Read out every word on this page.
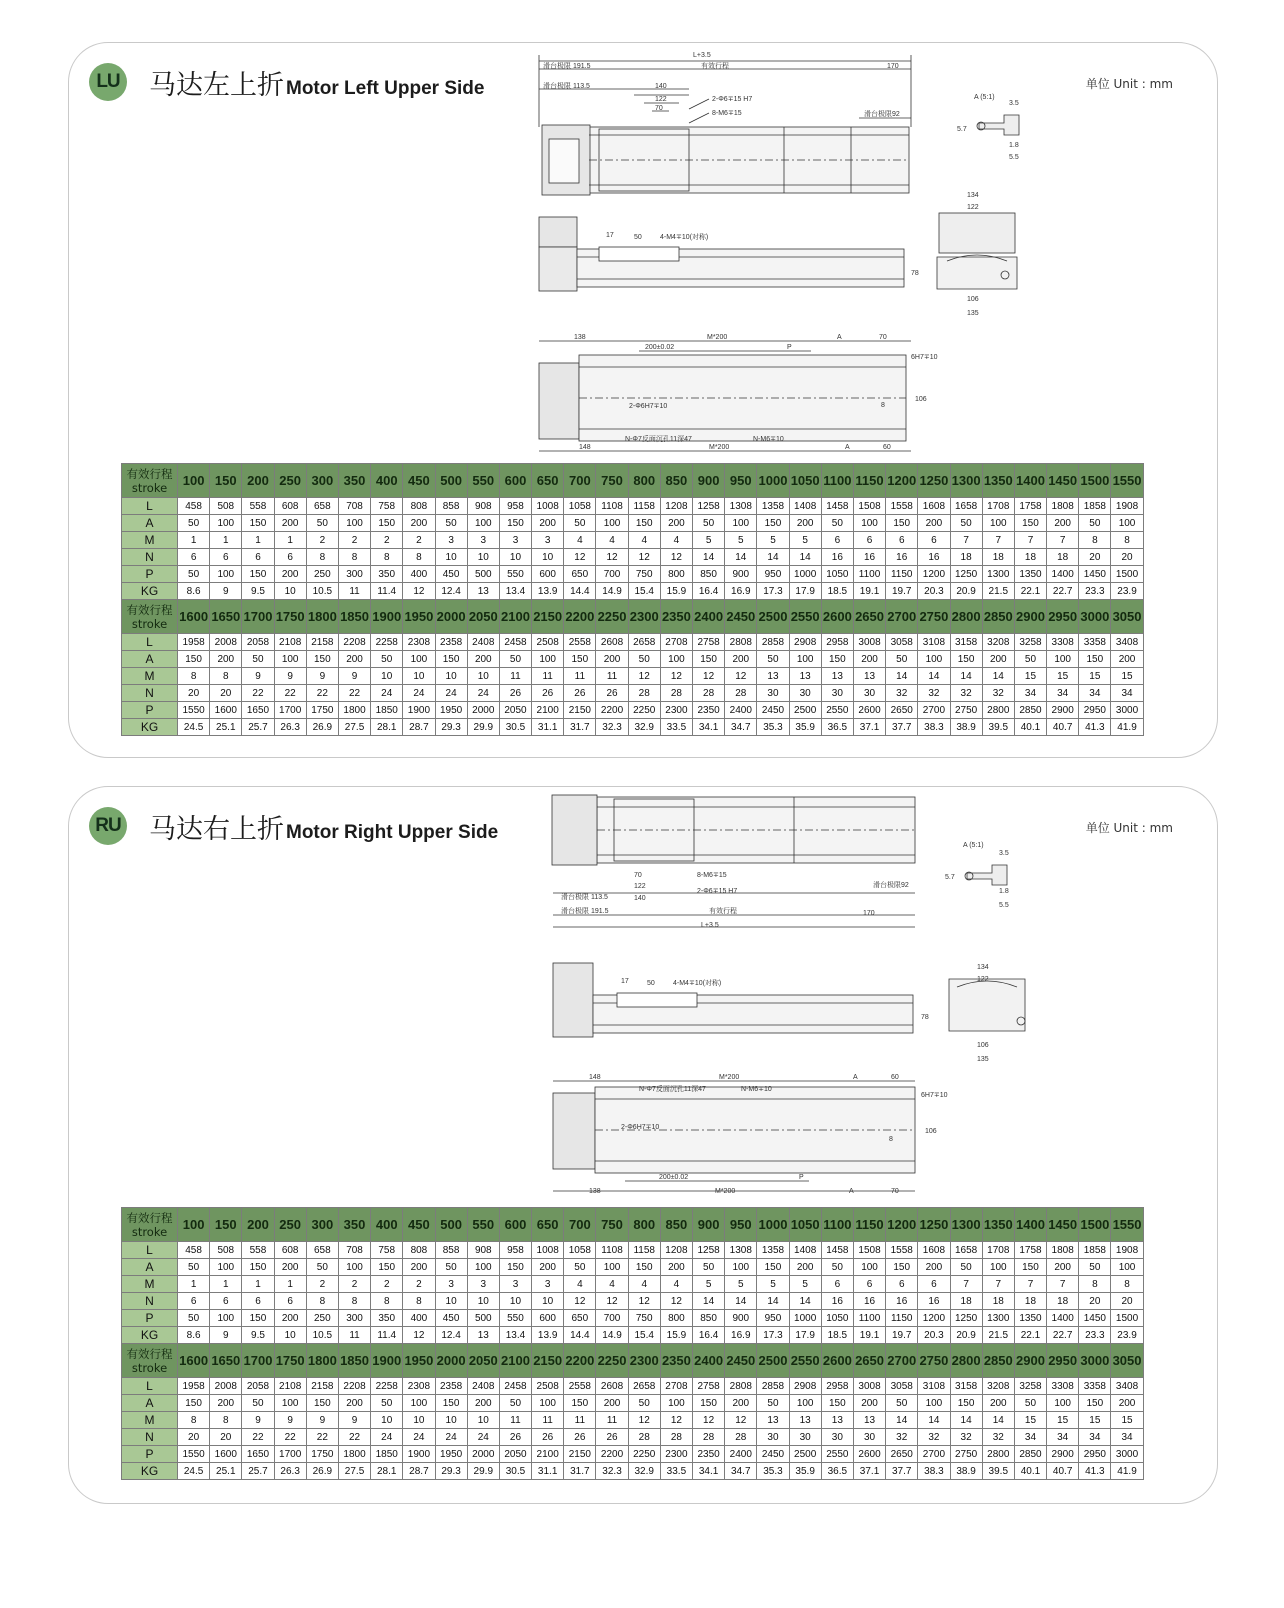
LU 马达左上折 Motor Left Upper Side	单位 Unit : mm
L+3.5
有效行程
滑台极限 191.5
滑台极限 113.5
滑台极限92
140
122
70
170
2-Φ6∓15 H7
8-M6∓15
A (5:1)
3.5
5.7
1.8
5.5
17	50	4-M4∓10(对称)
134
122
78
106
135
138	M*200	A	70
200±0.02	P
6H7∓10
106
8
2-Φ6H7∓10
N-Φ7反面沉孔11深47	N-M6∓10
148	M*200	A	60
有效行程
stroke	100	150	200	250	300	350	400	450	500	550	600	650	700	750	800	850	900	950	1000	1050	1100	1150	1200	1250	1300	1350	1400	1450	1500	1550
L	458	508	558	608	658	708	758	808	858	908	958	1008	1058	1108	1158	1208	1258	1308	1358	1408	1458	1508	1558	1608	1658	1708	1758	1808	1858	1908
A	50	100	150	200	50	100	150	200	50	100	150	200	50	100	150	200	50	100	150	200	50	100	150	200	50	100	150	200	50	100
M	1	1	1	1	2	2	2	2	3	3	3	3	4	4	4	4	5	5	5	5	6	6	6	6	7	7	7	7	8	8
N	6	6	6	6	8	8	8	8	10	10	10	10	12	12	12	12	14	14	14	14	16	16	16	16	18	18	18	18	20	20
P	50	100	150	200	250	300	350	400	450	500	550	600	650	700	750	800	850	900	950	1000	1050	1100	1150	1200	1250	1300	1350	1400	1450	1500
KG	8.6	9	9.5	10	10.5	11	11.4	12	12.4	13	13.4	13.9	14.4	14.9	15.4	15.9	16.4	16.9	17.3	17.9	18.5	19.1	19.7	20.3	20.9	21.5	22.1	22.7	23.3	23.9
有效行程
stroke	1600	1650	1700	1750	1800	1850	1900	1950	2000	2050	2100	2150	2200	2250	2300	2350	2400	2450	2500	2550	2600	2650	2700	2750	2800	2850	2900	2950	3000	3050
L	1958	2008	2058	2108	2158	2208	2258	2308	2358	2408	2458	2508	2558	2608	2658	2708	2758	2808	2858	2908	2958	3008	3058	3108	3158	3208	3258	3308	3358	3408
A	150	200	50	100	150	200	50	100	150	200	50	100	150	200	50	100	150	200	50	100	150	200	50	100	150	200	50	100	150	200
M	8	8	9	9	9	9	10	10	10	10	11	11	11	11	12	12	12	12	13	13	13	13	14	14	14	14	15	15	15	15
N	20	20	22	22	22	22	24	24	24	24	26	26	26	26	28	28	28	28	30	30	30	30	32	32	32	32	34	34	34	34
P	1550	1600	1650	1700	1750	1800	1850	1900	1950	2000	2050	2100	2150	2200	2250	2300	2350	2400	2450	2500	2550	2600	2650	2700	2750	2800	2850	2900	2950	3000
KG	24.5	25.1	25.7	26.3	26.9	27.5	28.1	28.7	29.3	29.9	30.5	31.1	31.7	32.3	32.9	33.5	34.1	34.7	35.3	35.9	36.5	37.1	37.7	38.3	38.9	39.5	40.1	40.7	41.3	41.9
RU 马达右上折 Motor Right Upper Side	单位 Unit : mm
70
122
140
8-M6∓15
2-Φ6∓15 H7
滑台极限 113.5
滑台极限92
滑台极限 191.5	有效行程	170
L+3.5
A (5:1)
3.5
5.7
1.8
5.5
17	50	4-M4∓10(对称)
134
122
78
106
135
148
N-Φ7反面沉孔11深47
M*200
N-M6∓10
A	60
6H7∓10
2-Φ6H7∓10
106
8
138
200±0.02	P
M*200	A	70
有效行程
stroke	100	150	200	250	300	350	400	450	500	550	600	650	700	750	800	850	900	950	1000	1050	1100	1150	1200	1250	1300	1350	1400	1450	1500	1550
L	458	508	558	608	658	708	758	808	858	908	958	1008	1058	1108	1158	1208	1258	1308	1358	1408	1458	1508	1558	1608	1658	1708	1758	1808	1858	1908
A	50	100	150	200	50	100	150	200	50	100	150	200	50	100	150	200	50	100	150	200	50	100	150	200	50	100	150	200	50	100
M	1	1	1	1	2	2	2	2	3	3	3	3	4	4	4	4	5	5	5	5	6	6	6	6	7	7	7	7	8	8
N	6	6	6	6	8	8	8	8	10	10	10	10	12	12	12	12	14	14	14	14	16	16	16	16	18	18	18	18	20	20
P	50	100	150	200	250	300	350	400	450	500	550	600	650	700	750	800	850	900	950	1000	1050	1100	1150	1200	1250	1300	1350	1400	1450	1500
KG	8.6	9	9.5	10	10.5	11	11.4	12	12.4	13	13.4	13.9	14.4	14.9	15.4	15.9	16.4	16.9	17.3	17.9	18.5	19.1	19.7	20.3	20.9	21.5	22.1	22.7	23.3	23.9
有效行程
stroke	1600	1650	1700	1750	1800	1850	1900	1950	2000	2050	2100	2150	2200	2250	2300	2350	2400	2450	2500	2550	2600	2650	2700	2750	2800	2850	2900	2950	3000	3050
L	1958	2008	2058	2108	2158	2208	2258	2308	2358	2408	2458	2508	2558	2608	2658	2708	2758	2808	2858	2908	2958	3008	3058	3108	3158	3208	3258	3308	3358	3408
A	150	200	50	100	150	200	50	100	150	200	50	100	150	200	50	100	150	200	50	100	150	200	50	100	150	200	50	100	150	200
M	8	8	9	9	9	9	10	10	10	10	11	11	11	11	12	12	12	12	13	13	13	13	14	14	14	14	15	15	15	15
N	20	20	22	22	22	22	24	24	24	24	26	26	26	26	28	28	28	28	30	30	30	30	32	32	32	32	34	34	34	34
P	1550	1600	1650	1700	1750	1800	1850	1900	1950	2000	2050	2100	2150	2200	2250	2300	2350	2400	2450	2500	2550	2600	2650	2700	2750	2800	2850	2900	2950	3000
KG	24.5	25.1	25.7	26.3	26.9	27.5	28.1	28.7	29.3	29.9	30.5	31.1	31.7	32.3	32.9	33.5	34.1	34.7	35.3	35.9	36.5	37.1	37.7	38.3	38.9	39.5	40.1	40.7	41.3	41.9
